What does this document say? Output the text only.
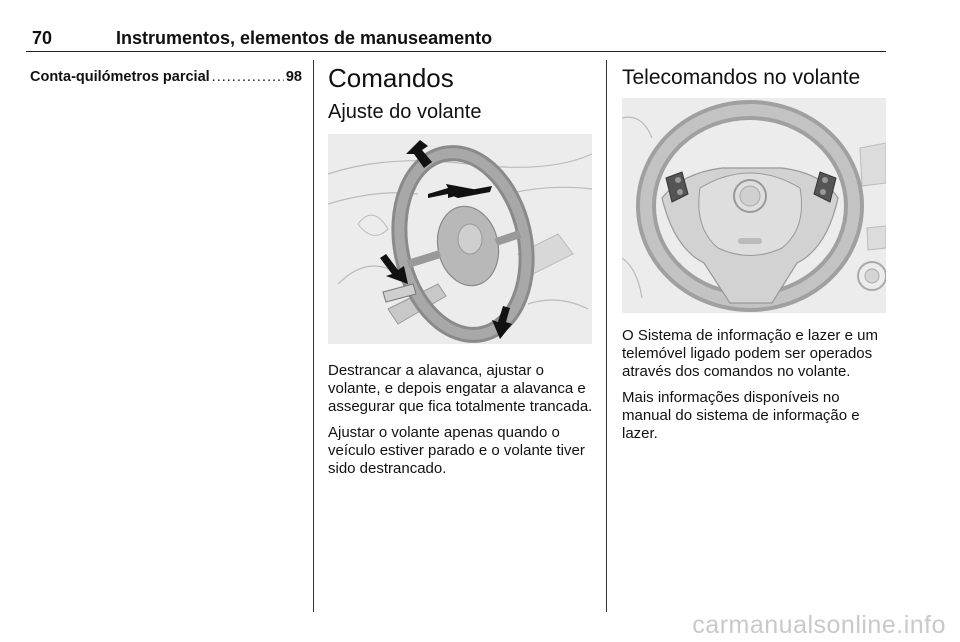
70	Instrumentos, elementos de manuseamento
Conta-quilómetros parcial
.....	98 Comandos
Ajuste do volante

Destrancar a alavanca, ajustar o volante, e depois engatar a alavanca e assegurar que fica totalmente trancada.

Ajustar o volante apenas quando o veículo estiver parado e o volante tiver sido destrancado.

Telecomandos no volante

O Sistema de informação e lazer e um telemóvel ligado podem ser operados através dos comandos no volante.

Mais informações disponíveis no manual do sistema de informação e lazer.

carmanualsonline.info
